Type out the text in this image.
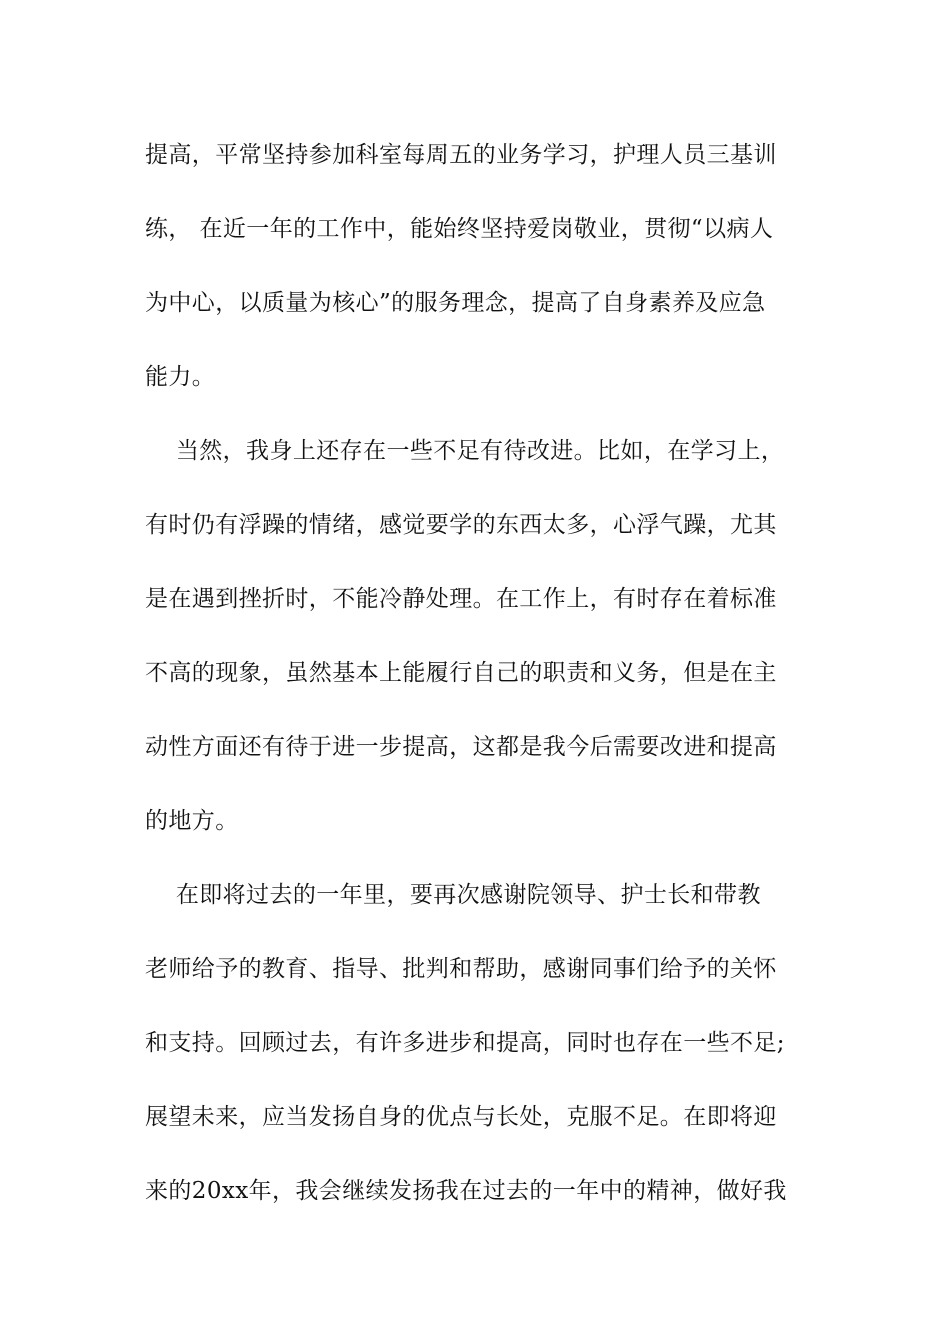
提高，平常坚持参加科室每周五的业务学习，护理人员三基训
练， 在近一年的工作中，能始终坚持爱岗敬业，贯彻“以病人
为中心，以质量为核心”的服务理念，提高了自身素养及应急
能力。
当然，我身上还存在一些不足有待改进。比如，在学习上，
有时仍有浮躁的情绪，感觉要学的东西太多，心浮气躁，尤其
是在遇到挫折时，不能冷静处理。在工作上，有时存在着标准
不高的现象，虽然基本上能履行自己的职责和义务，但是在主
动性方面还有待于进一步提高，这都是我今后需要改进和提高
的地方。
在即将过去的一年里，要再次感谢院领导、护士长和带教
老师给予的教育、指导、批判和帮助，感谢同事们给予的关怀
和支持。回顾过去，有许多进步和提高，同时也存在一些不足;
展望未来，应当发扬自身的优点与长处，克服不足。在即将迎
来的20xx年，我会继续发扬我在过去的一年中的精神，做好我
